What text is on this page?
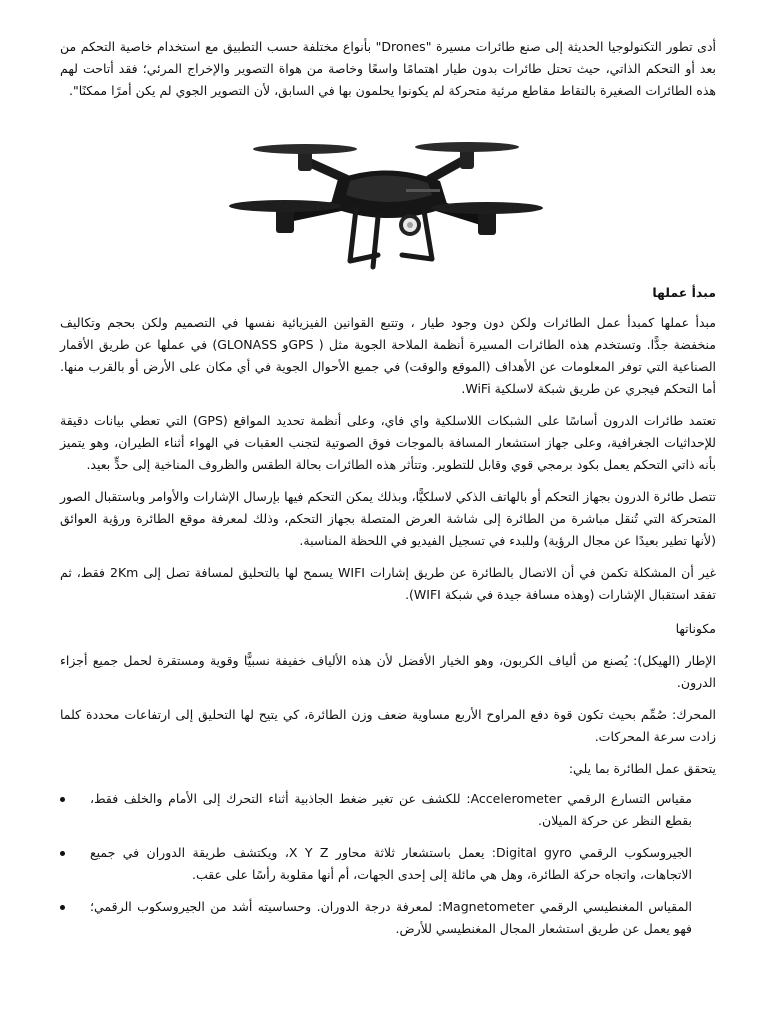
أدى تطور التكنولوجيا الحديثة إلى صنع طائرات مسيرة "Drones" بأنواع مختلفة حسب التطبيق مع استخدام خاصية التحكم من بعد أو التحكم الذاتي، حيث تحتل طائرات بدون طيار اهتمامًا واسعًا وخاصة من هواة التصوير والإخراج المرئي؛ فقد أتاحت لهم هذه الطائرات الصغيرة بالتقاط مقاطع مرئية متحركة لم يكونوا يحلمون بها في السابق، لأن التصوير الجوي لم يكن أمرًا ممكنًا".

مبدأ عملها

مبدأ عملها كمبدأ عمل الطائرات ولكن دون وجود طيار ، وتتبع القوانين الفيزيائية نفسها في التصميم ولكن بحجم وتكاليف منخفضة جدًّا. وتستخدم هذه الطائرات المسيرة أنظمة الملاحة الجوية مثل ( GPSو GLONASS) في عملها عن طريق الأقمار الصناعية التي توفر المعلومات عن الأهداف (الموقع والوقت) في جميع الأحوال الجوية في أي مكان على الأرض أو بالقرب منها. أما التحكم فيجري عن طريق شبكة لاسلكية WiFi.

تعتمد طائرات الدرون أساسًا على الشبكات اللاسلكية واي فاي، وعلى أنظمة تحديد المواقع (GPS) التي تعطي بيانات دقيقة للإحداثيات الجغرافية، وعلى جهاز استشعار المسافة بالموجات فوق الصوتية لتجنب العقبات في الهواء أثناء الطيران، وهو يتميز بأنه ذاتي التحكم يعمل بكود برمجي قوي وقابل للتطوير. وتتأثر هذه الطائرات بحالة الطقس والظروف المناخية إلى حدٍّ بعيد.

تتصل طائرة الدرون بجهاز التحكم أو بالهاتف الذكي لاسلكيًّا، وبذلك يمكن التحكم فيها بإرسال الإشارات والأوامر وباستقبال الصور المتحركة التي تُنقل مباشرة من الطائرة إلى شاشة العرض المتصلة بجهاز التحكم، وذلك لمعرفة موقع الطائرة ورؤية العوائق (لأنها تطير بعيدًا عن مجال الرؤية) وللبدء في تسجيل الفيديو في اللحظة المناسبة.

غير أن المشكلة تكمن في أن الاتصال بالطائرة عن طريق إشارات WIFI يسمح لها بالتحليق لمسافة تصل إلى 2Km فقط، ثم تفقد استقبال الإشارات (وهذه مسافة جيدة في شبكة WIFI).

مكوناتها

الإطار (الهيكل): يُصنع من ألياف الكربون، وهو الخيار الأفضل لأن هذه الألياف خفيفة نسبيًّا وقوية ومستقرة لحمل جميع أجزاء الدرون.

المحرك: صُمِّم بحيث تكون قوة دفع المراوح الأربع مساوية ضعف وزن الطائرة، كي يتيح لها التحليق إلى ارتفاعات محددة كلما زادت سرعة المحركات.

يتحقق عمل الطائرة بما يلي:

مقياس التسارع الرقمي Accelerometer: للكشف عن تغير ضغط الجاذبية أثناء التحرك إلى الأمام والخلف فقط، بقطع النظر عن حركة الميلان.
الجيروسكوب الرقمي Digital gyro: يعمل باستشعار ثلاثة محاور X Y Z، ويكتشف طريقة الدوران في جميع الاتجاهات، واتجاه حركة الطائرة، وهل هي مائلة إلى إحدى الجهات، أم أنها مقلوبة رأسًا على عقب.
المقياس المغنطيسي الرقمي Magnetometer: لمعرفة درجة الدوران. وحساسيته أشد من الجيروسكوب الرقمي؛ فهو يعمل عن طريق استشعار المجال المغنطيسي للأرض.
